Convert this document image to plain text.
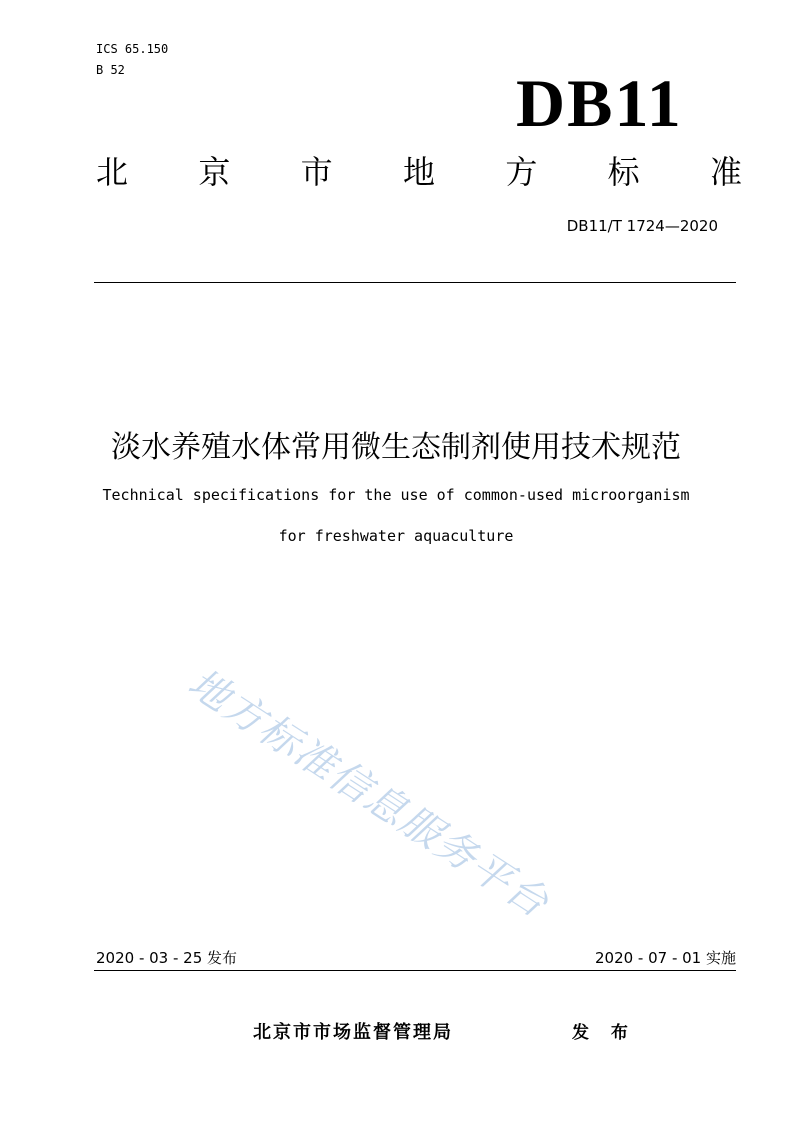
ICS 65.150
B 52	DB11
北 京 市 地 方 标 准
DB11/T 1724—2020
淡水养殖水体常用微生态制剂使用技术规范
Technical specifications for the use of common-used microorganism
for freshwater aquaculture
地方标准信息服务平台
2020 - 03 - 25 发布	2020 - 07 - 01 实施
北京市市场监督管理局	发 布
